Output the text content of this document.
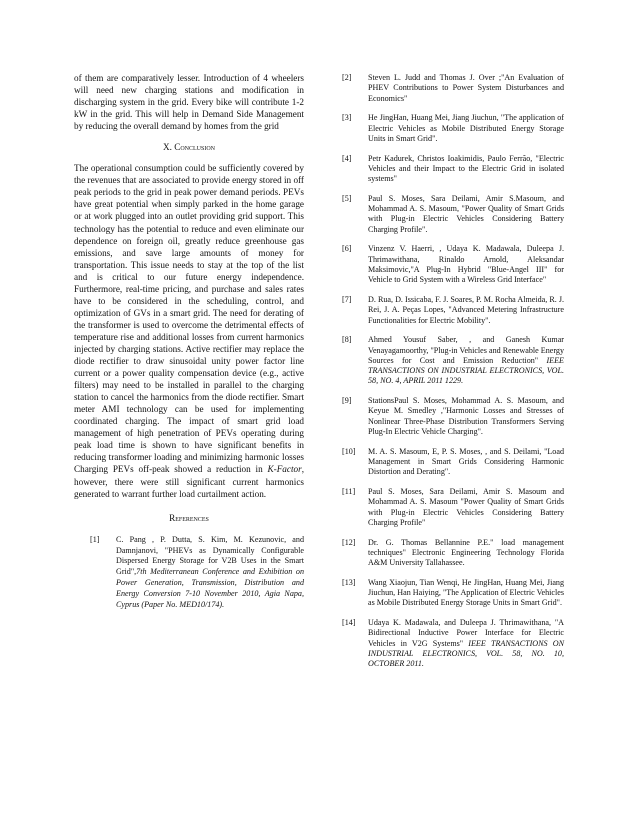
of them are comparatively lesser. Introduction of 4 wheelers will need new charging stations and modification in discharging system in the grid. Every bike will contribute 1-2 kW in the grid. This will help in Demand Side Management by reducing the overall demand by homes from the grid

X. Conclusion

The operational consumption could be sufficiently covered by the revenues that are associated to provide energy stored in off peak periods to the grid in peak power demand periods. PEVs have great potential when simply parked in the home garage or at work plugged into an outlet providing grid support. This technology has the potential to reduce and even eliminate our dependence on foreign oil, greatly reduce greenhouse gas emissions, and save large amounts of money for transportation. This issue needs to stay at the top of the list and is critical to our future energy independence. Furthermore, real-time pricing, and purchase and sales rates have to be considered in the scheduling, control, and optimization of GVs in a smart grid. The need for derating of the transformer is used to overcome the detrimental effects of temperature rise and additional losses from current harmonics injected by charging stations. Active rectifier may replace the diode rectifier to draw sinusoidal unity power factor line current or a power quality compensation device (e.g., active filters) may need to be installed in parallel to the charging station to cancel the harmonics from the diode rectifier. Smart meter AMI technology can be used for implementing coordinated charging. The impact of smart grid load management of high penetration of PEVs operating during peak load time is shown to have significant benefits in reducing transformer loading and minimizing harmonic losses Charging PEVs off-peak showed a reduction in K-Factor, however, there were still significant current harmonics generated to warrant further load curtailment action.

References
[1]	C. Pang , P. Dutta, S. Kim, M. Kezunovic, and Damnjanovi, "PHEVs as Dynamically Configurable Dispersed Energy Storage for V2B Uses in the Smart Grid",7th Mediterranean Conference and Exhibition on Power Generation, Transmission, Distribution and Energy Conversion 7-10 November 2010, Agia Napa, Cyprus (Paper No. MED10/174).
[2]	Steven L. Judd and Thomas J. Over ;"An Evaluation of PHEV Contributions to Power System Disturbances and Economics"
[3]	He JingHan, Huang Mei, Jiang Jiuchun, "The application of Electric Vehicles as Mobile Distributed Energy Storage Units in Smart Grid".
[4]	Petr Kadurek, Christos Ioakimidis, Paulo Ferrão, "Electric Vehicles and their Impact to the Electric Grid in isolated systems"
[5]	Paul S. Moses, Sara Deilami, Amir S.Masoum, and Mohammad A. S. Masoum, "Power Quality of Smart Grids with Plug-in Electric Vehicles Considering Battery Charging Profile".
[6]	Vinzenz V. Haerri, , Udaya K. Madawala, Duleepa J. Thrimawithana, Rinaldo Arnold, Aleksandar Maksimovic,"A Plug-In Hybrid "Blue-Angel III" for Vehicle to Grid System with a Wireless Grid Interface"
[7]	D. Rua, D. Issicaba, F. J. Soares, P. M. Rocha Almeida, R. J. Rei, J. A. Peças Lopes, "Advanced Metering Infrastructure Functionalities for Electric Mobility".
[8]	Ahmed Yousuf Saber, , and Ganesh Kumar Venayagamoorthy, "Plug-in Vehicles and Renewable Energy Sources for Cost and Emission Reduction" IEEE TRANSACTIONS ON INDUSTRIAL ELECTRONICS, VOL. 58, NO. 4, APRIL 2011 1229.
[9]	StationsPaul S. Moses, Mohammad A. S. Masoum, and Keyue M. Smedley ,"Harmonic Losses and Stresses of Nonlinear Three-Phase Distribution Transformers Serving Plug-In Electric Vehicle Charging".
[10]	M. A. S. Masoum, E, P. S. Moses, , and S. Deilami, "Load Management in Smart Grids Considering Harmonic Distortion and Derating".
[11]	Paul S. Moses, Sara Deilami, Amir S. Masoum and Mohammad A. S. Masoum "Power Quality of Smart Grids with Plug-in Electric Vehicles Considering Battery Charging Profile"
[12]	Dr. G. Thomas Bellannine P.E." load management techniques" Electronic Engineering Technology Florida A&M University Tallahassee.
[13]	Wang Xiaojun, Tian Wenqi, He JingHan, Huang Mei, Jiang Jiuchun, Han Haiying, "The Application of Electric Vehicles as Mobile Distributed Energy Storage Units in Smart Grid".
[14]	Udaya K. Madawala, and Duleepa J. Thrimawithana, "A Bidirectional Inductive Power Interface for Electric Vehicles in V2G Systems" IEEE TRANSACTIONS ON INDUSTRIAL ELECTRONICS, VOL. 58, NO. 10, OCTOBER 2011.
